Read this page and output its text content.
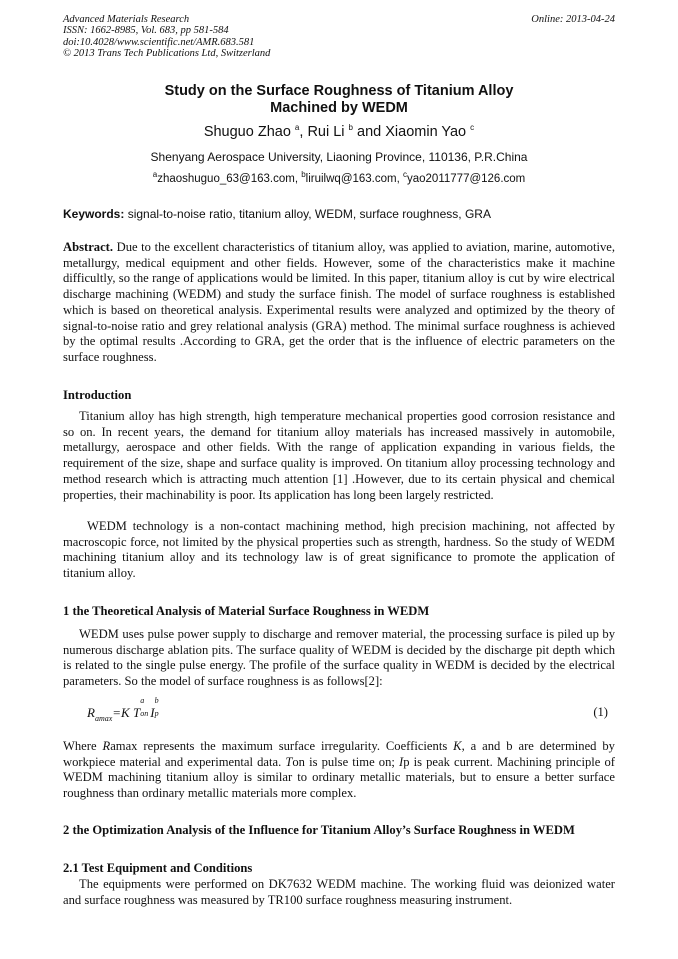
Advanced Materials Research
ISSN: 1662-8985, Vol. 683, pp 581-584
doi:10.4028/www.scientific.net/AMR.683.581
© 2013 Trans Tech Publications Ltd, Switzerland
Online: 2013-04-24
Study on the Surface Roughness of Titanium Alloy
Machined by WEDM
Shuguo Zhao $^a$, Rui Li $^b$ and Xiaomin Yao $^c$
Shenyang Aerospace University, Liaoning Province, 110136, P.R.China
$^a$zhaoshuguo_63@163.com, $^b$liruilwq@163.com, $^c$yao2011777@126.com
Keywords: signal-to-noise ratio, titanium alloy, WEDM, surface roughness, GRA
Abstract. Due to the excellent characteristics of titanium alloy, was applied to aviation, marine, automotive, metallurgy, medical equipment and other fields. However, some of the characteristics make it machine difficultly, so the range of applications would be limited. In this paper, titanium alloy is cut by wire electrical discharge machining (WEDM) and study the surface finish. The model of surface roughness is established which is based on theoretical analysis. Experimental results were analyzed and optimized by the theory of signal-to-noise ratio and grey relational analysis (GRA) method. The minimal surface roughness is achieved by the optimal results .According to GRA, get the order that is the influence of electric parameters on the surface roughness.
Introduction
Titanium alloy has high strength, high temperature mechanical properties good corrosion resistance and so on. In recent years, the demand for titanium alloy materials has increased massively in automobile, metallurgy, aerospace and other fields. With the range of application expanding in various fields, the requirement of the size, shape and surface quality is improved. On titanium alloy processing technology and method research which is attracting much attention [1] .However, due to its certain physical and chemical properties, their machinability is poor. Its application has long been largely restricted.
WEDM technology is a non-contact machining method, high precision machining, not affected by macroscopic force, not limited by the physical properties such as strength, hardness. So the study of WEDM machining titanium alloy and its technology law is of great significance to promote the application of titanium alloy.
1 the Theoretical Analysis of Material Surface Roughness in WEDM
WEDM uses pulse power supply to discharge and remover material, the processing surface is piled up by numerous discharge ablation pits. The surface quality of WEDM is decided by the discharge pit depth which is related to the single pulse energy. The profile of the surface quality in WEDM is decided by the electrical parameters. So the model of surface roughness is as follows[2]:
$R_{amax}=K$ T
a
on I
b
p	(1)
Where Ramax represents the maximum surface irregularity. Coefficients K, a and b are determined by workpiece material and experimental data. Ton is pulse time on; Ip is peak current. Machining principle of WEDM machining titanium alloy is similar to ordinary metallic materials, but to ensure a better surface roughness than ordinary metallic materials more complex.
2 the Optimization Analysis of the Influence for Titanium Alloy’s Surface Roughness in WEDM
2.1 Test Equipment and Conditions
The equipments were performed on DK7632 WEDM machine. The working fluid was deionized water and surface roughness was measured by TR100 surface roughness measuring instrument.
